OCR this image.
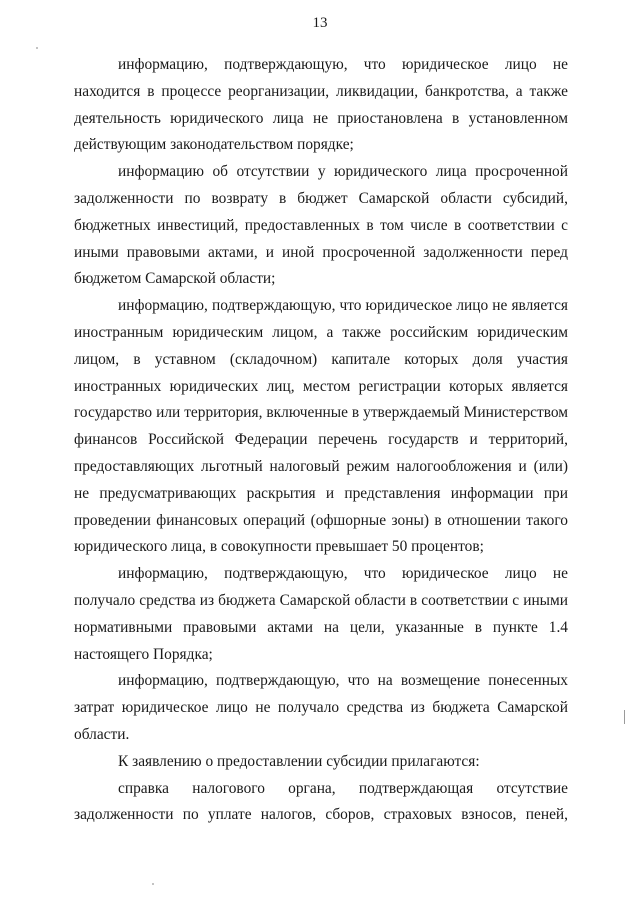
13

информацию, подтверждающую, что юридическое лицо не находится в процессе реорганизации, ликвидации, банкротства, а также деятельность юридического лица не приостановлена в установленном действующим законодательством порядке;

информацию об отсутствии у юридического лица просроченной задолженности по возврату в бюджет Самарской области субсидий, бюджетных инвестиций, предоставленных в том числе в соответствии с иными правовыми актами, и иной просроченной задолженности перед бюджетом Самарской области;

информацию, подтверждающую, что юридическое лицо не является иностранным юридическим лицом, а также российским юридическим лицом, в уставном (складочном) капитале которых доля участия иностранных юридических лиц, местом регистрации которых является государство или территория, включенные в утверждаемый Министерством финансов Российской Федерации перечень государств и территорий, предоставляющих льготный налоговый режим налогообложения и (или) не предусматривающих раскрытия и представления информации при проведении финансовых операций (офшорные зоны) в отношении такого юридического лица, в совокупности превышает 50 процентов;

информацию, подтверждающую, что юридическое лицо не получало средства из бюджета Самарской области в соответствии с иными нормативными правовыми актами на цели, указанные в пункте 1.4 настоящего Порядка;

информацию, подтверждающую, что на возмещение понесенных затрат юридическое лицо не получало средства из бюджета Самарской области.

К заявлению о предоставлении субсидии прилагаются:

справка налогового органа, подтверждающая отсутствие задолженности по уплате налогов, сборов, страховых взносов, пеней,
